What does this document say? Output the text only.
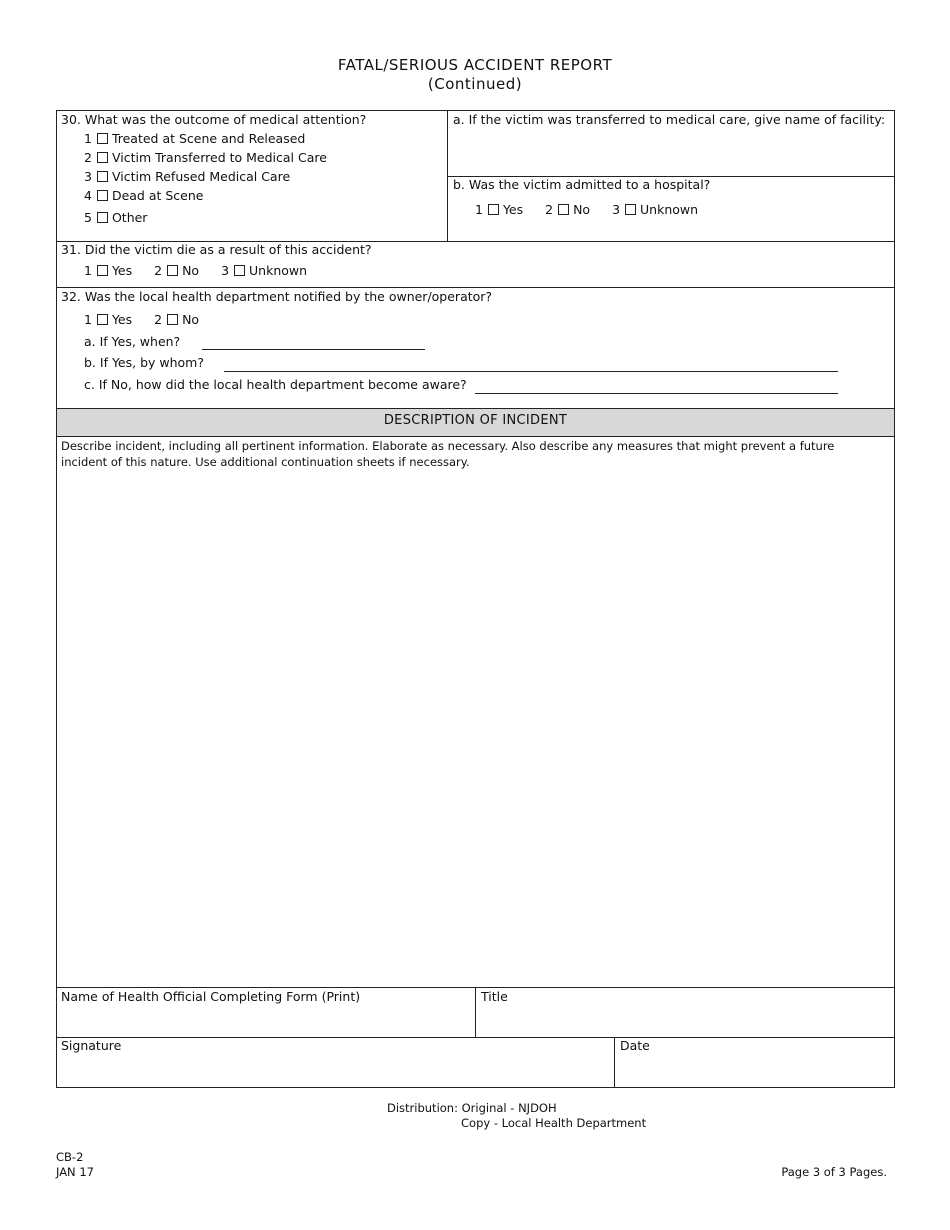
FATAL/SERIOUS ACCIDENT REPORT
(Continued)
30. What was the outcome of medical attention?
1 Treated at Scene and Released
2 Victim Transferred to Medical Care
3 Victim Refused Medical Care
4 Dead at Scene
5 Other
a. If the victim was transferred to medical care, give name of facility:
b. Was the victim admitted to a hospital?
1 Yes 2 No 3 Unknown
31. Did the victim die as a result of this accident?
1 Yes 2 No 3 Unknown
32. Was the local health department notified by the owner/operator?
1 Yes 2 No
a. If Yes, when?
b. If Yes, by whom?
c. If No, how did the local health department become aware?
DESCRIPTION OF INCIDENT
Describe incident, including all pertinent information. Elaborate as necessary. Also describe any measures that might prevent a future incident of this nature. Use additional continuation sheets if necessary.
Name of Health Official Completing Form (Print)	Title
Signature	Date
Distribution: Original - NJDOH
Copy - Local Health Department
CB-2
JAN 17	Page 3 of 3 Pages.
